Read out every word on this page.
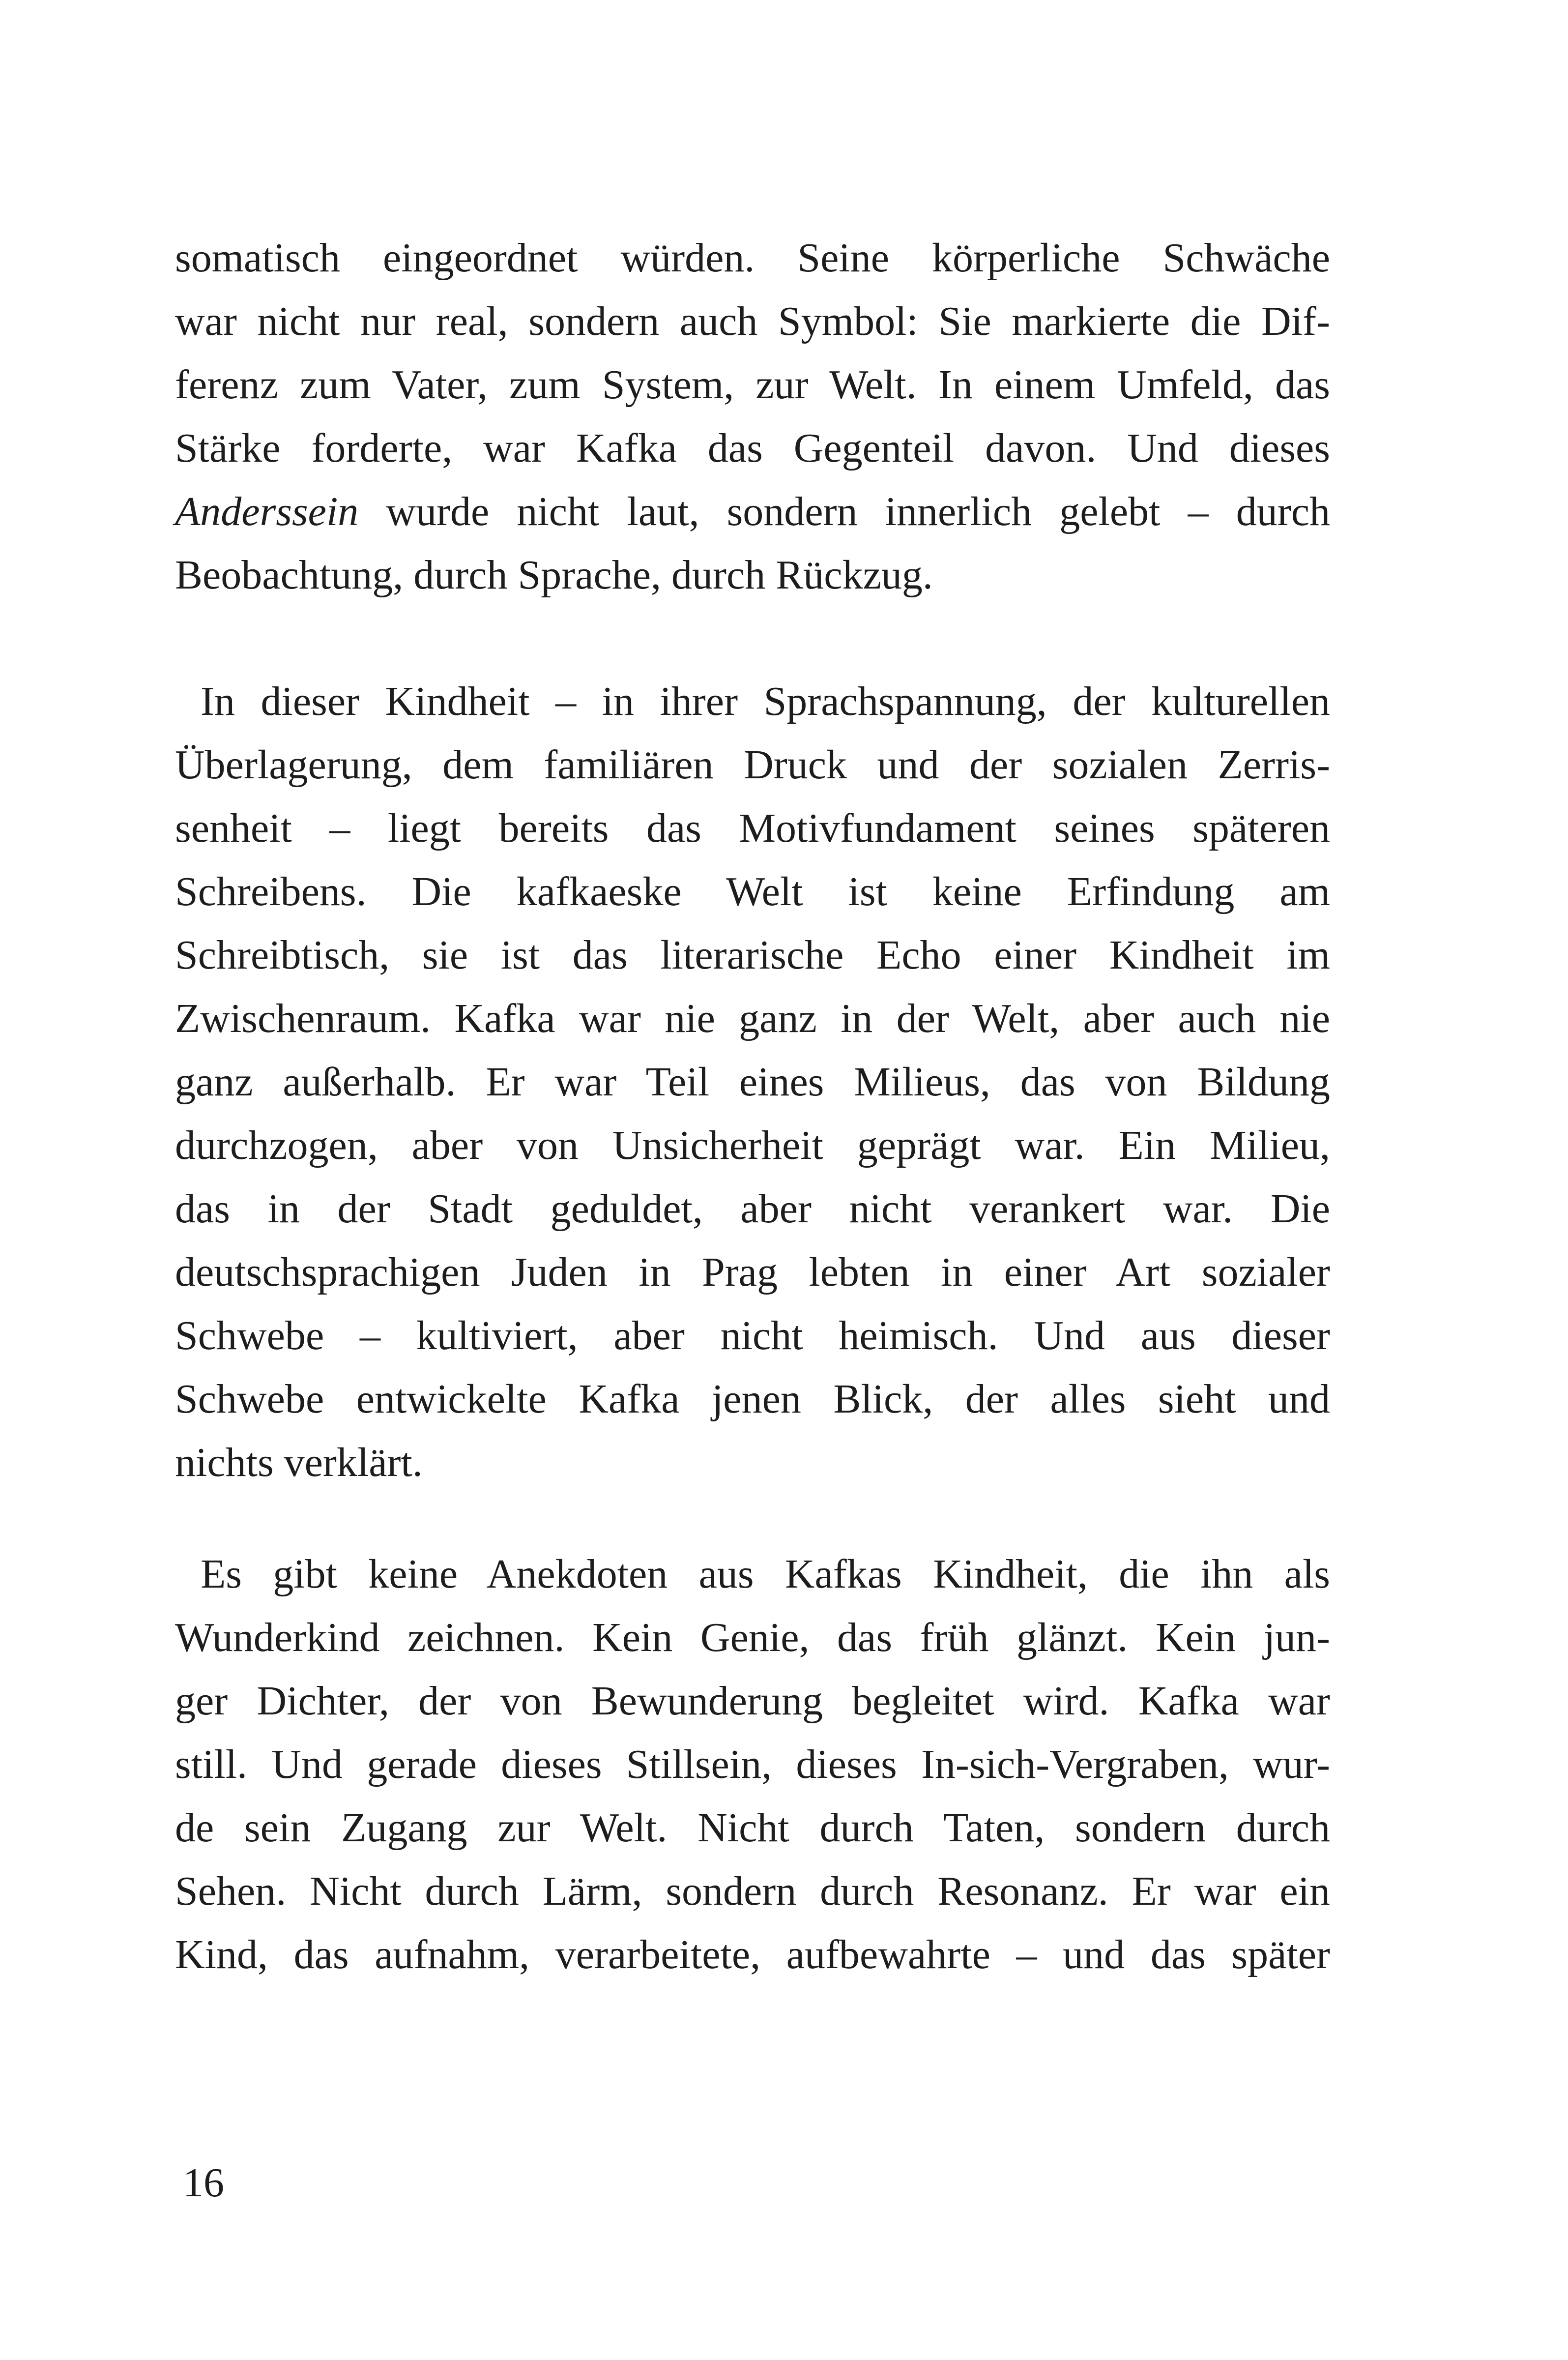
somatisch eingeordnet würden. Seine körperliche Schwäche
war nicht nur real, sondern auch Symbol: Sie markierte die Dif-
ferenz zum Vater, zum System, zur Welt. In einem Umfeld, das
Stärke forderte, war Kafka das Gegenteil davon. Und dieses
Anderssein wurde nicht laut, sondern innerlich gelebt – durch
Beobachtung, durch Sprache, durch Rückzug.
In dieser Kindheit – in ihrer Sprachspannung, der kulturellen
Überlagerung, dem familiären Druck und der sozialen Zerris-
senheit – liegt bereits das Motivfundament seines späteren
Schreibens. Die kafkaeske Welt ist keine Erfindung am
Schreibtisch, sie ist das literarische Echo einer Kindheit im
Zwischenraum. Kafka war nie ganz in der Welt, aber auch nie
ganz außerhalb. Er war Teil eines Milieus, das von Bildung
durchzogen, aber von Unsicherheit geprägt war. Ein Milieu,
das in der Stadt geduldet, aber nicht verankert war. Die
deutschsprachigen Juden in Prag lebten in einer Art sozialer
Schwebe – kultiviert, aber nicht heimisch. Und aus dieser
Schwebe entwickelte Kafka jenen Blick, der alles sieht und
nichts verklärt.
Es gibt keine Anekdoten aus Kafkas Kindheit, die ihn als
Wunderkind zeichnen. Kein Genie, das früh glänzt. Kein jun-
ger Dichter, der von Bewunderung begleitet wird. Kafka war
still. Und gerade dieses Stillsein, dieses In-sich-Vergraben, wur-
de sein Zugang zur Welt. Nicht durch Taten, sondern durch
Sehen. Nicht durch Lärm, sondern durch Resonanz. Er war ein
Kind, das aufnahm, verarbeitete, aufbewahrte – und das später
16
